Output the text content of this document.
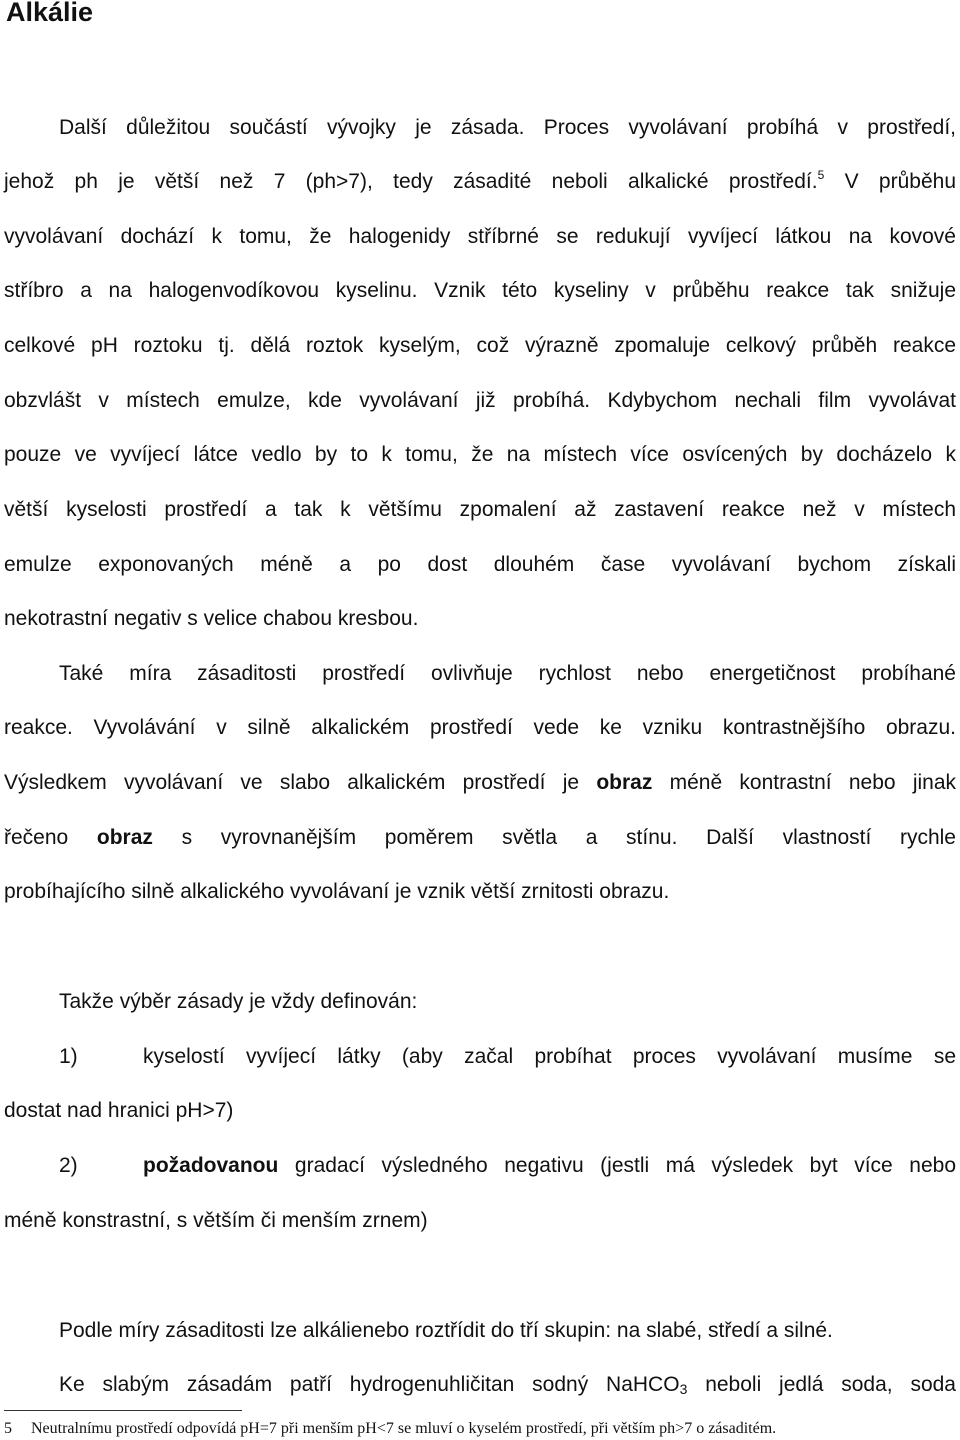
Alkálie
Další důležitou součástí vývojky je zásada. Proces vyvolávaní probíhá v prostředí,
jehož ph je větší než 7 (ph>7), tedy zásadité neboli alkalické prostředí.$^5$ V průběhu
vyvolávaní dochází k tomu, že halogenidy stříbrné se redukují vyvíjecí látkou na kovové
stříbro a na halogenvodíkovou kyselinu. Vznik této kyseliny v průběhu reakce tak snižuje
celkové pH roztoku tj. dělá roztok kyselým, což výrazně zpomaluje celkový průběh reakce
obzvlášt v místech emulze, kde vyvolávaní již probíhá. Kdybychom nechali film vyvolávat
pouze ve vyvíjecí látce vedlo by to k tomu, že na místech více osvícených by docházelo k
větší kyselosti prostředí a tak k většímu zpomalení až zastavení reakce než v místech
emulze exponovaných méně a po dost dlouhém čase vyvolávaní bychom získali
nekotrastní negativ s velice chabou kresbou.
Také míra zásaditosti prostředí ovlivňuje rychlost nebo energetičnost probíhané
reakce. Vyvolávání v silně alkalickém prostředí vede ke vzniku kontrastnějšího obrazu.
Výsledkem vyvolávaní ve slabo alkalickém prostředí je obraz méně kontrastní nebo jinak
řečeno obraz s vyrovnanějším poměrem světla a stínu. Další vlastností rychle
probíhajícího silně alkalického vyvolávaní je vznik větší zrnitosti obrazu.
Takže výběr zásady je vždy definován:
1)	kyselostí vyvíjecí látky (aby začal probíhat proces vyvolávaní musíme se
dostat nad hranici pH>7)
2)	požadovanou gradací výsledného negativu (jestli má výsledek byt více nebo
méně konstrastní, s větším či menším zrnem)
Podle míry zásaditosti lze alkálienebo roztřídit do tří skupin: na slabé, středí a silné.
Ke slabým zásadám patří hydrogenuhličitan sodný NaHCO$_3$ neboli jedlá soda, soda
5 Neutralnímu prostředí odpovídá pH=7 při menším pH<7 se mluví o kyselém prostředí, při větším ph>7 o zásaditém.
